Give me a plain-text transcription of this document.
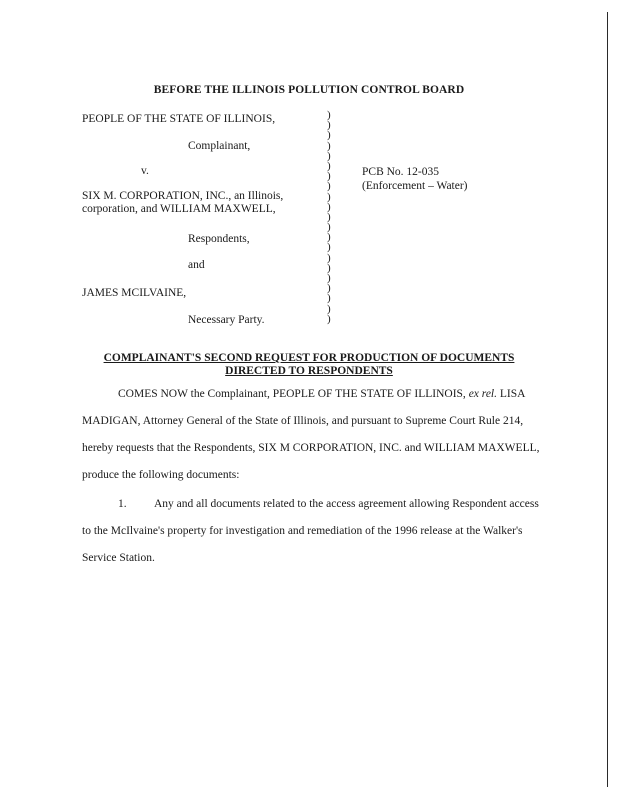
BEFORE THE ILLINOIS POLLUTION CONTROL BOARD
PEOPLE OF THE STATE OF ILLINOIS,
Complainant,
v.
SIX M. CORPORATION, INC., an Illinois,
corporation, and WILLIAM MAXWELL,
Respondents,
and
JAMES MCILVAINE,
Necessary Party.
)
)
)
)
)
)
)
)
)
)
)
)
)
)
)
)
)
)
)
)
)
PCB No. 12-035
(Enforcement – Water)
COMPLAINANT'S SECOND REQUEST FOR PRODUCTION OF DOCUMENTS
DIRECTED TO RESPONDENTS
COMES NOW the Complainant, PEOPLE OF THE STATE OF ILLINOIS, ex rel. LISA MADIGAN, Attorney General of the State of Illinois, and pursuant to Supreme Court Rule 214, hereby requests that the Respondents, SIX M CORPORATION, INC. and WILLIAM MAXWELL, produce the following documents:
1. Any and all documents related to the access agreement allowing Respondent access to the McIlvaine's property for investigation and remediation of the 1996 release at the Walker's Service Station.
